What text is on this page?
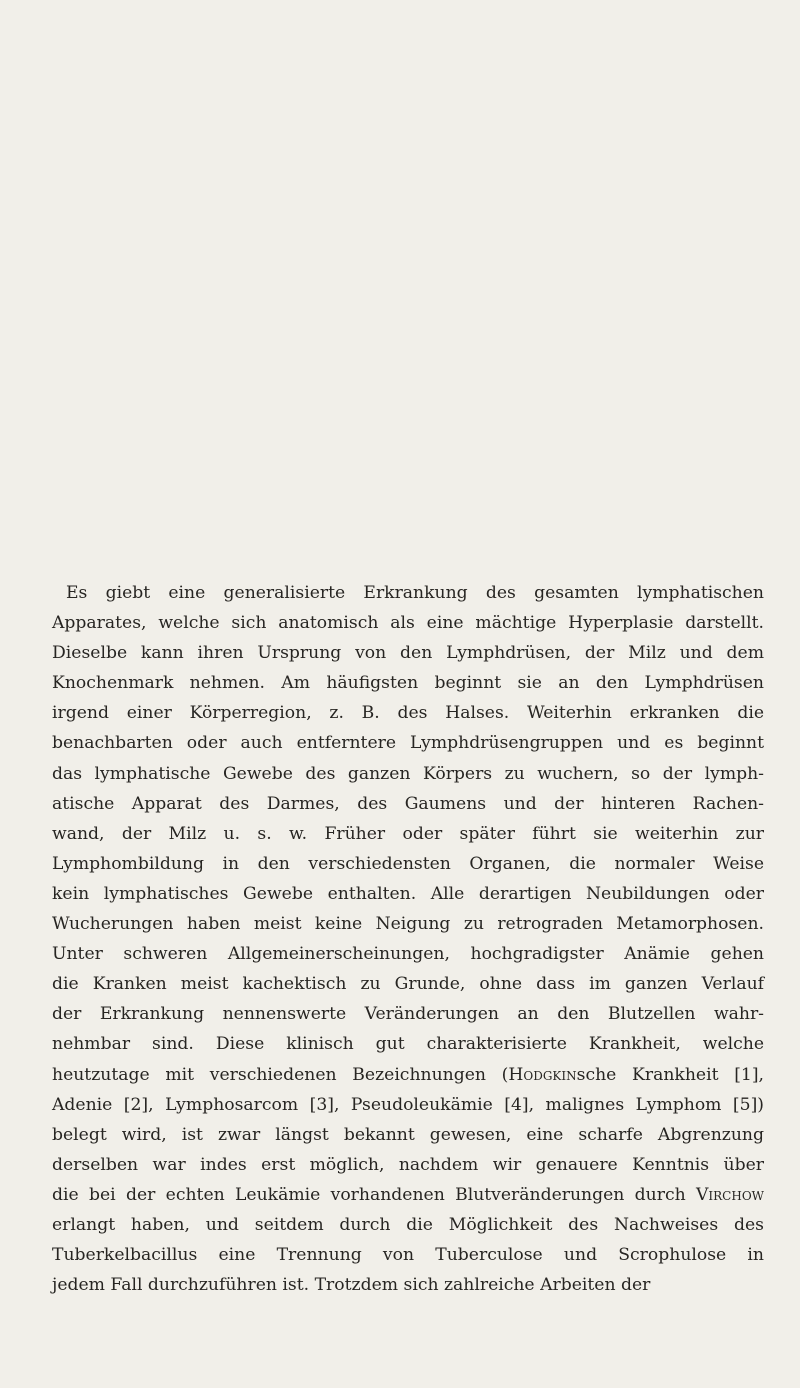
Es giebt eine generalisierte Erkrankung des gesamten lymphatischen
Apparates, welche sich anatomisch als eine mächtige Hyperplasie darstellt.
Dieselbe kann ihren Ursprung von den Lymphdrüsen, der Milz und dem
Knochenmark nehmen. Am häufigsten beginnt sie an den Lymphdrüsen
irgend einer Körperregion, z. B. des Halses. Weiterhin erkranken die
benachbarten oder auch entferntere Lymphdrüsengruppen und es beginnt
das lymphatische Gewebe des ganzen Körpers zu wuchern, so der lymph-
atische Apparat des Darmes, des Gaumens und der hinteren Rachen-
wand, der Milz u. s. w. Früher oder später führt sie weiterhin zur
Lymphombildung in den verschiedensten Organen, die normaler Weise
kein lymphatisches Gewebe enthalten. Alle derartigen Neubildungen oder
Wucherungen haben meist keine Neigung zu retrograden Metamorphosen.
Unter schweren Allgemeinerscheinungen, hochgradigster Anämie gehen
die Kranken meist kachektisch zu Grunde, ohne dass im ganzen Verlauf
der Erkrankung nennenswerte Veränderungen an den Blutzellen wahr-
nehmbar sind. Diese klinisch gut charakterisierte Krankheit, welche
heutzutage mit verschiedenen Bezeichnungen (Hodgkinsche Krankheit [1],
Adenie [2], Lymphosarcom [3], Pseudoleukämie [4], malignes Lymphom [5])
belegt wird, ist zwar längst bekannt gewesen, eine scharfe Abgrenzung
derselben war indes erst möglich, nachdem wir genauere Kenntnis über
die bei der echten Leukämie vorhandenen Blutveränderungen durch Virchow
erlangt haben, und seitdem durch die Möglichkeit des Nachweises des
Tuberkelbacillus eine Trennung von Tuberculose und Scrophulose in
jedem Fall durchzuführen ist. Trotzdem sich zahlreiche Arbeiten der
